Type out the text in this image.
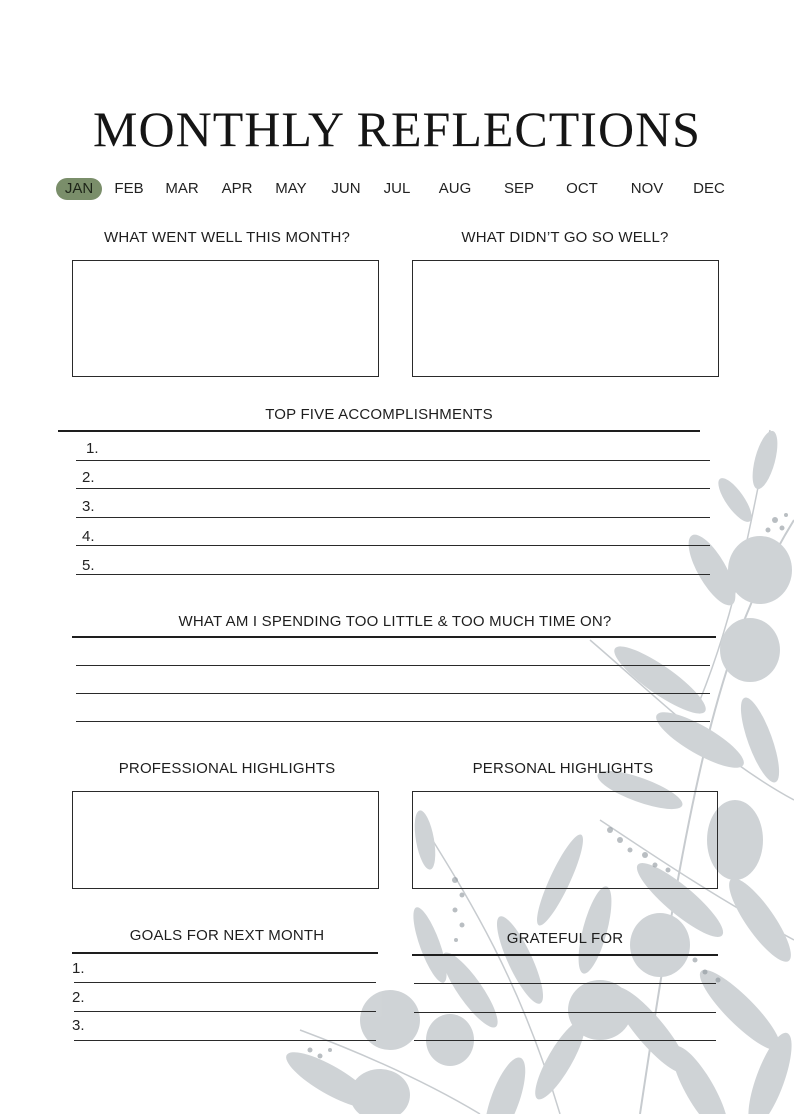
MONTHLY REFLECTIONS
JAN	FEB	MAR	APR	MAY	JUN	JUL	AUG	SEP	OCT	NOV	DEC
WHAT WENT WELL THIS MONTH?	WHAT DIDN’T GO SO WELL?
TOP FIVE ACCOMPLISHMENTS
1.
2.
3.
4.
5.
WHAT AM I SPENDING TOO LITTLE & TOO MUCH TIME ON?
PROFESSIONAL HIGHLIGHTS	PERSONAL HIGHLIGHTS
GOALS FOR NEXT MONTH
1.
2.
3.
GRATEFUL FOR
